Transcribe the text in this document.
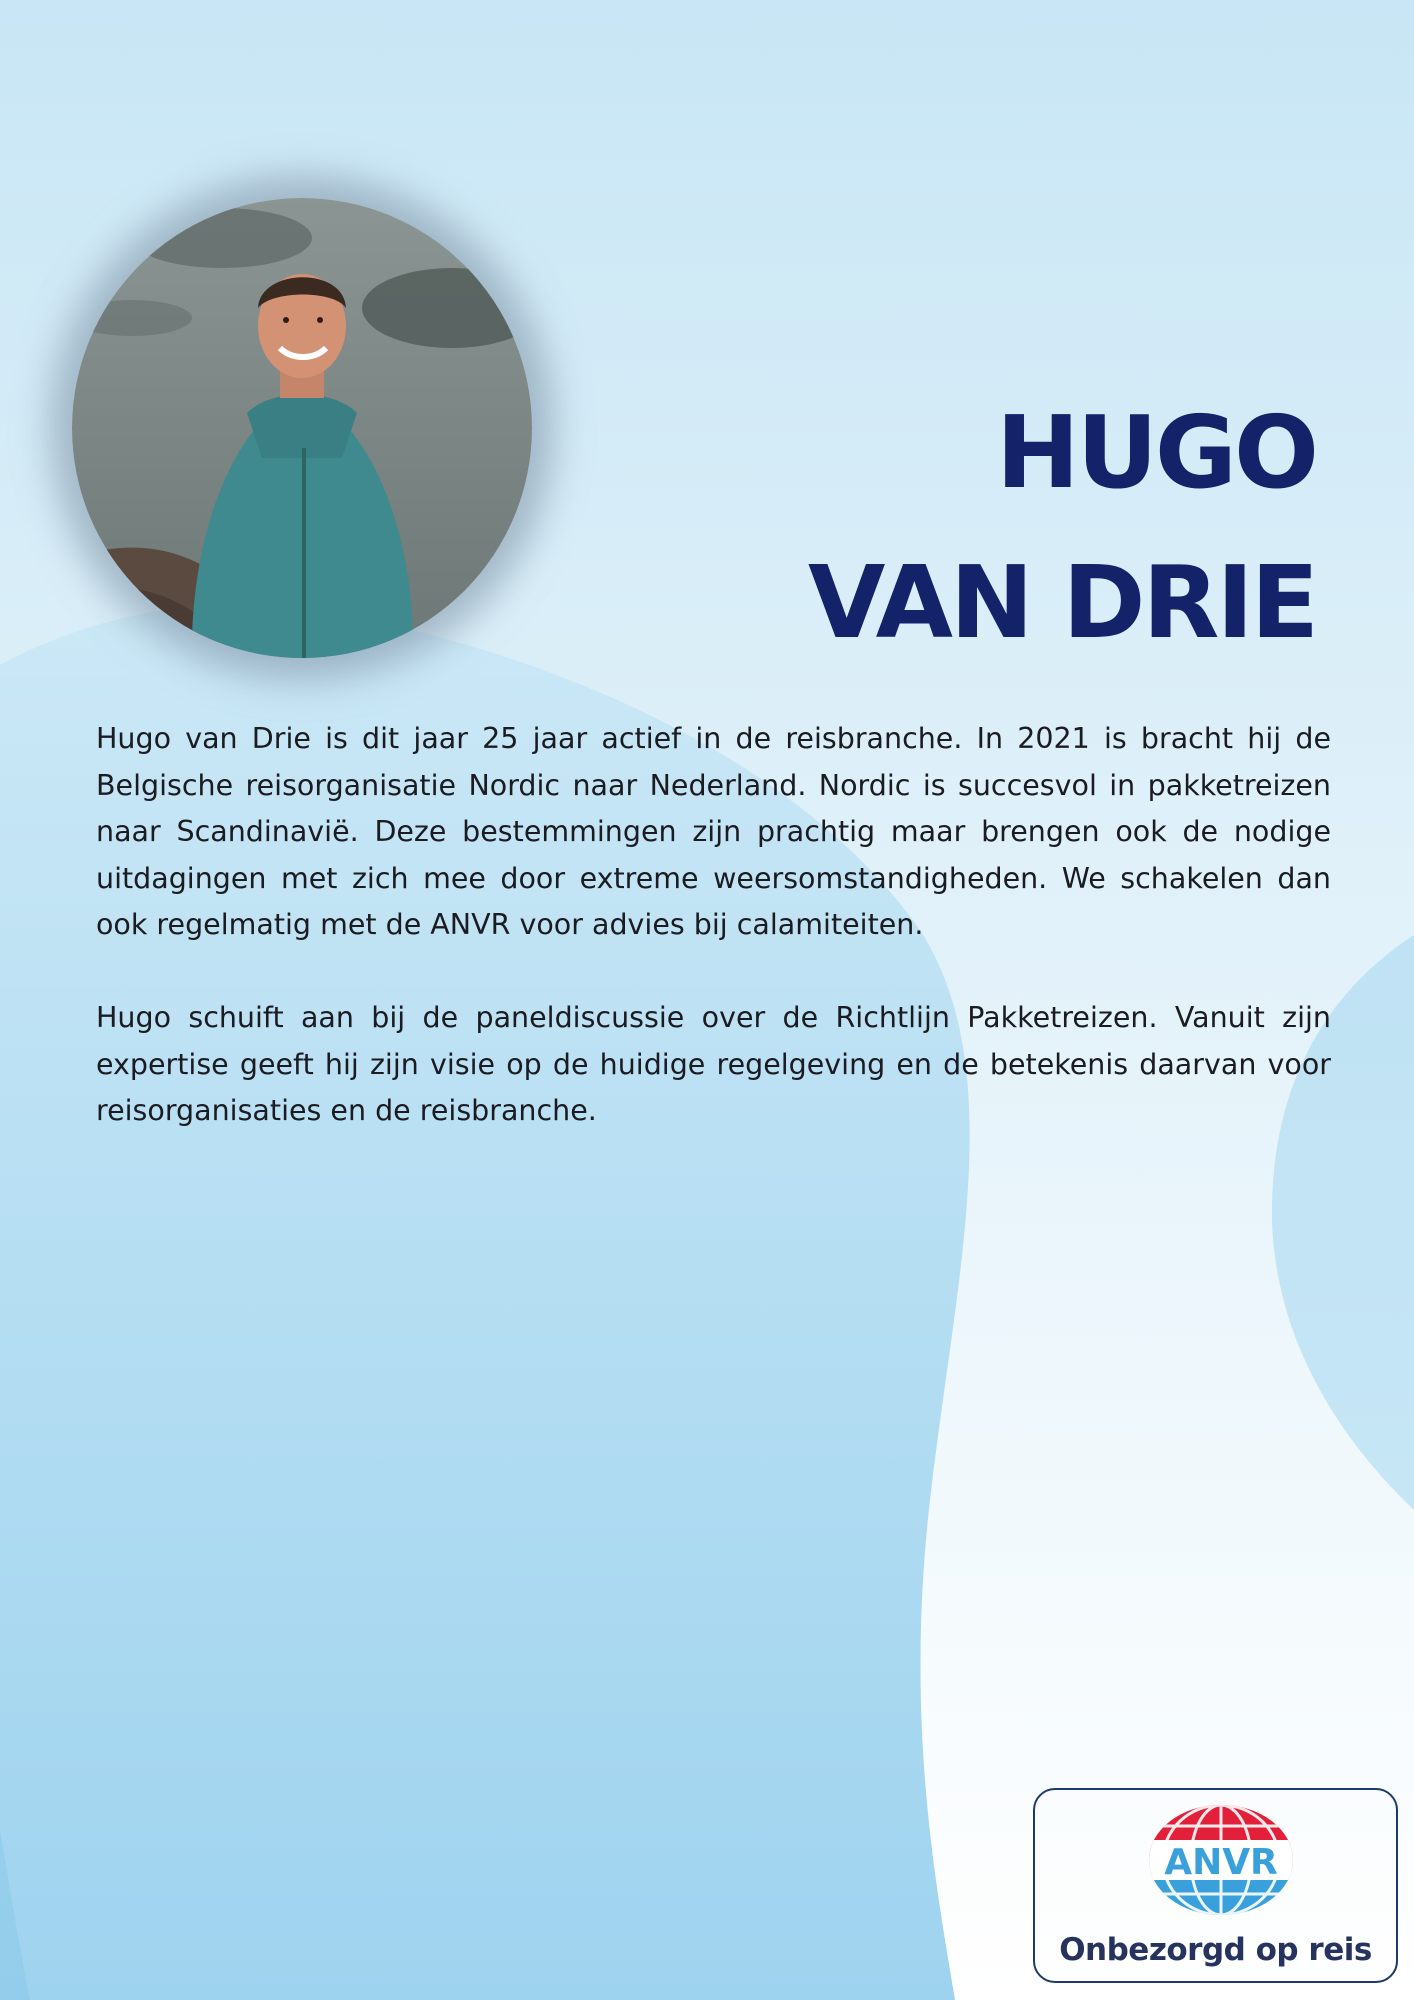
HUGO
VAN DRIE

Hugo van Drie is dit jaar 25 jaar actief in de reisbranche. In 2021 is bracht hij de Belgische reisorganisatie Nordic naar Nederland. Nordic is succesvol in pakketreizen naar Scandinavië. Deze bestemmingen zijn prachtig maar brengen ook de nodige uitdagingen met zich mee door extreme weersomstandigheden. We schakelen dan ook regelmatig met de ANVR voor advies bij calamiteiten.

Hugo schuift aan bij de paneldiscussie over de Richtlijn Pakketreizen. Vanuit zijn expertise geeft hij zijn visie op de huidige regelgeving en de betekenis daarvan voor reisorganisaties en de reisbranche.

ANVR
Onbezorgd op reis
